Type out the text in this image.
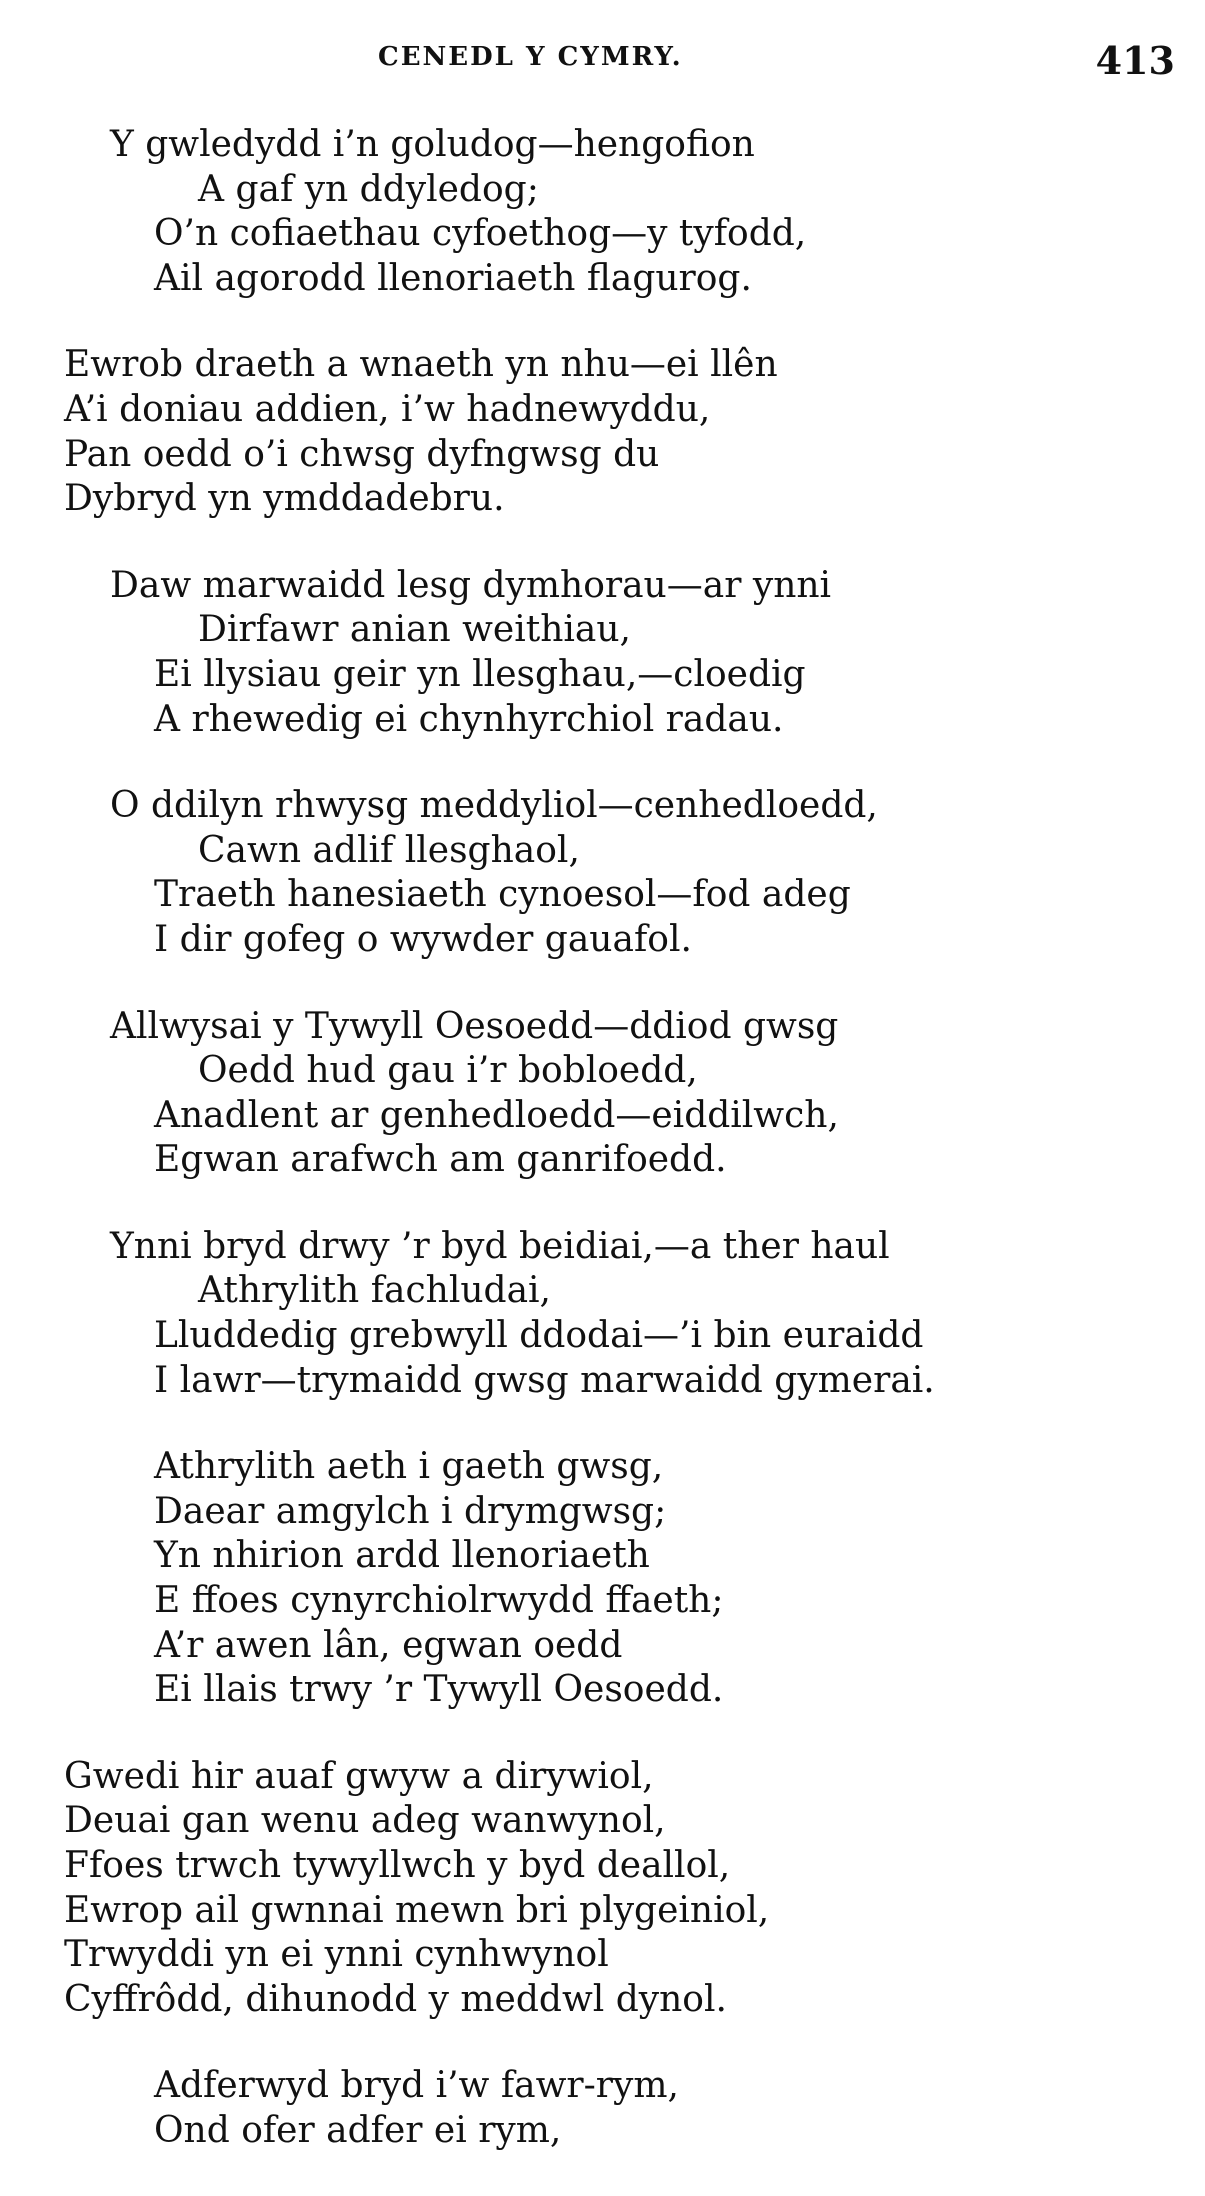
CENEDL Y CYMRY.	413
Y gwledydd i’n goludog—hengofion
A gaf yn ddyledog;
O’n cofiaethau cyfoethog—y tyfodd,
Ail agorodd llenoriaeth flagurog.
Ewrob draeth a wnaeth yn nhu—ei llên
A’i doniau addien, i’w hadnewyddu,
Pan oedd o’i chwsg dyfngwsg du
Dybryd yn ymddadebru.
Daw marwaidd lesg dymhorau—ar ynni
Dirfawr anian weithiau,
Ei llysiau geir yn llesghau,—cloedig
A rhewedig ei chynhyrchiol radau.
O ddilyn rhwysg meddyliol—cenhedloedd,
Cawn adlif llesghaol,
Traeth hanesiaeth cynoesol—fod adeg
I dir gofeg o wywder gauafol.
Allwysai y Tywyll Oesoedd—ddiod gwsg
Oedd hud gau i’r bobloedd,
Anadlent ar genhedloedd—eiddilwch,
Egwan arafwch am ganrifoedd.
Ynni bryd drwy ’r byd beidiai,—a ther haul
Athrylith fachludai,
Lluddedig grebwyll ddodai—’i bin euraidd
I lawr—trymaidd gwsg marwaidd gymerai.
Athrylith aeth i gaeth gwsg,
Daear amgylch i drymgwsg;
Yn nhirion ardd llenoriaeth
E ffoes cynyrchiolrwydd ffaeth;
A’r awen lân, egwan oedd
Ei llais trwy ’r Tywyll Oesoedd.
Gwedi hir auaf gwyw a dirywiol,
Deuai gan wenu adeg wanwynol,
Ffoes trwch tywyllwch y byd deallol,
Ewrop ail gwnnai mewn bri plygeiniol,
Trwyddi yn ei ynni cynhwynol
Cyffrôdd, dihunodd y meddwl dynol.
Adferwyd bryd i’w fawr-rym,
Ond ofer adfer ei rym,
